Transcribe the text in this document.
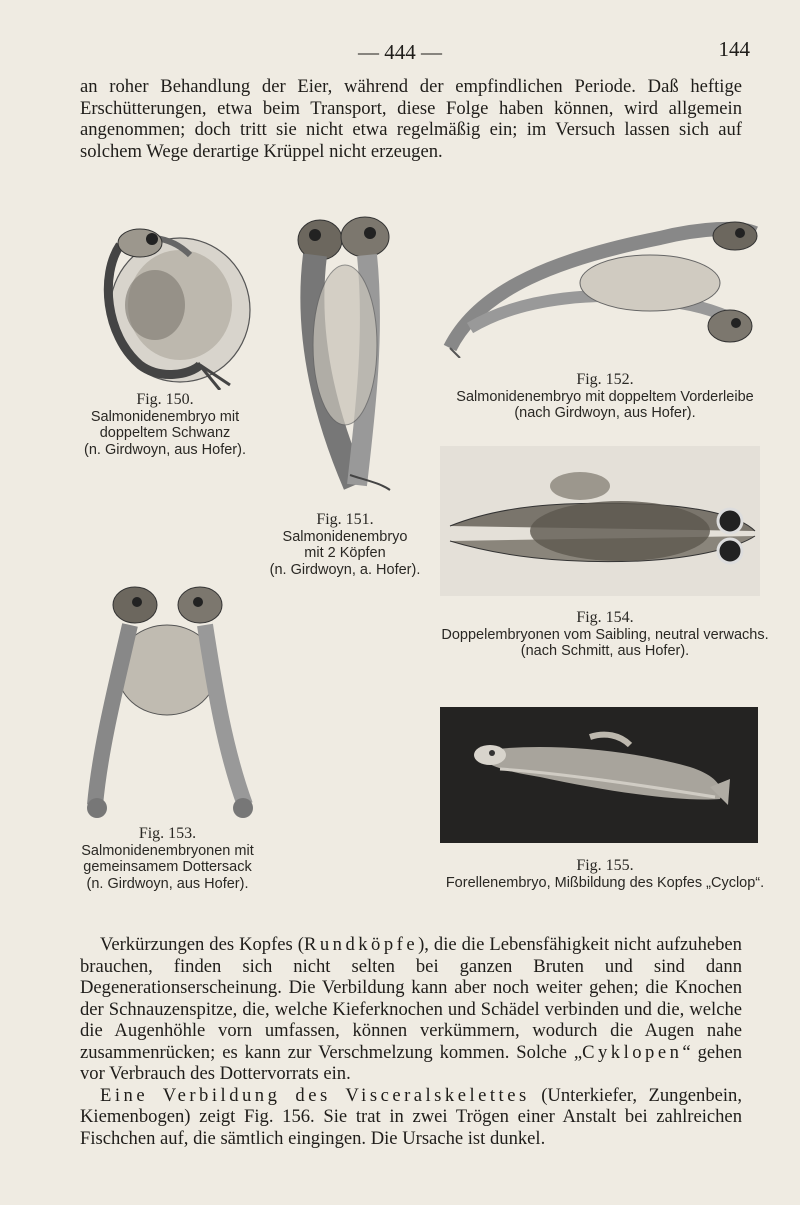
— 444 —	144

an roher Behandlung der Eier, während der empfindlichen Periode. Daß heftige Erschütterungen, etwa beim Transport, diese Folge haben können, wird allgemein angenommen; doch tritt sie nicht etwa regelmäßig ein; im Versuch lassen sich auf solchem Wege derartige Krüppel nicht erzeugen.

Fig. 150.
Salmonidenembryo mit
doppeltem Schwanz
(n. Girdwoyn, aus Hofer).
Fig. 151.
Salmonidenembryo
mit 2 Köpfen
(n. Girdwoyn, a. Hofer).
Fig. 152.
Salmonidenembryo mit doppeltem Vorderleibe
(nach Girdwoyn, aus Hofer).
Fig. 154.
Doppelembryonen vom Saibling, neutral verwachs.
(nach Schmitt, aus Hofer).
Fig. 153.
Salmonidenembryonen mit
gemeinsamem Dottersack
(n. Girdwoyn, aus Hofer).
Fig. 155.
Forellenembryo, Mißbildung des Kopfes „Cyclop“.

Verkürzungen des Kopfes (Rundköpfe), die die Lebensfähigkeit nicht aufzuheben brauchen, finden sich nicht selten bei ganzen Bruten und sind dann Degenerationserscheinung. Die Verbildung kann aber noch weiter gehen; die Knochen der Schnauzenspitze, die, welche Kieferknochen und Schädel verbinden und die, welche die Augenhöhle vorn umfassen, können verkümmern, wodurch die Augen nahe zusammenrücken; es kann zur Verschmelzung kommen. Solche „Cyklopen“ gehen vor Verbrauch des Dottervorrats ein.

Eine Verbildung des Visceralskelettes (Unterkiefer, Zungenbein, Kiemenbogen) zeigt Fig. 156. Sie trat in zwei Trögen einer Anstalt bei zahlreichen Fischchen auf, die sämtlich eingingen. Die Ursache ist dunkel.
